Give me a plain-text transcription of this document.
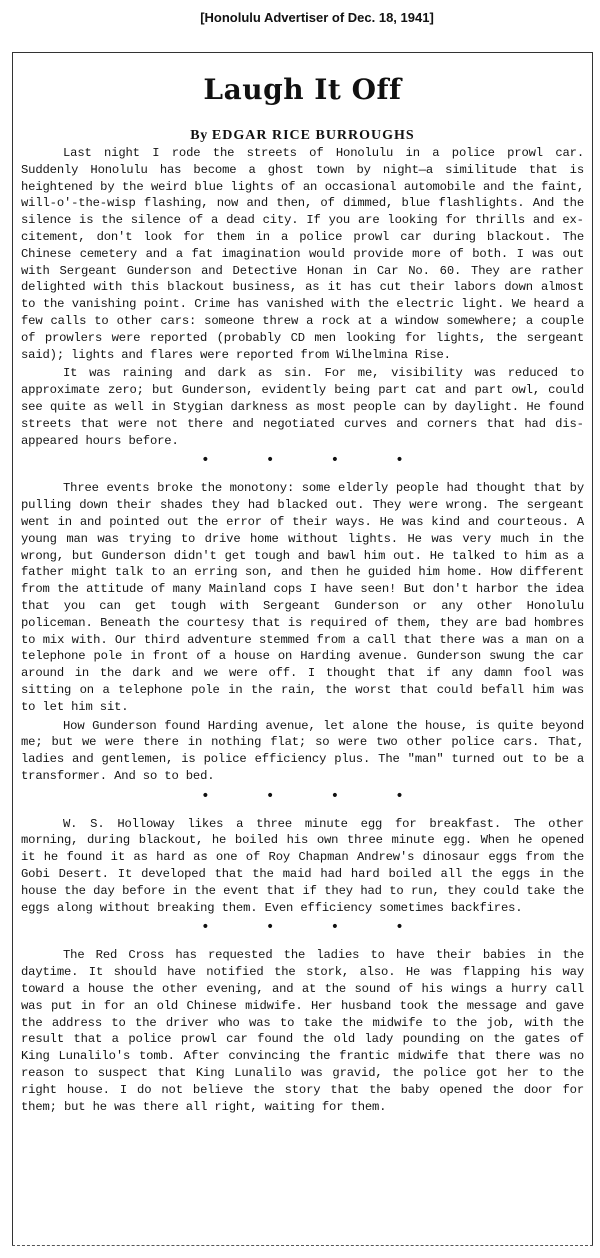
[Honolulu Advertiser of Dec. 18, 1941]
Laugh It Off
By EDGAR RICE BURROUGHS

Last night I rode the streets of Honolulu in a police prowl car. Suddenly Honolulu has become a ghost town by night—a similitude that is heightened by the weird blue lights of an occasional automobile and the faint, will-o'-the-wisp flashing, now and then, of dimmed, blue flashlights. And the silence is the silence of a dead city. If you are looking for thrills and excitement, don't look for them in a police prowl car during blackout. The Chinese cemetery and a fat imagination would provide more of both. I was out with Sergeant Gunderson and Detective Honan in Car No. 60. They are rather delighted with this blackout business, as it has cut their labors down almost to the vanishing point. Crime has vanished with the electric light. We heard a few calls to other cars: someone threw a rock at a window somewhere; a couple of prowlers were reported (probably CD men looking for lights, the sergeant said); lights and flares were reported from Wilhelmina Rise.

It was raining and dark as sin. For me, visibility was reduced to approximate zero; but Gunderson, evidently being part cat and part owl, could see quite as well in Stygian darkness as most people can by daylight. He found streets that were not there and negotiated curves and corners that had disappeared hours before.

• • • •

Three events broke the monotony: some elderly people had thought that by pulling down their shades they had blacked out. They were wrong. The sergeant went in and pointed out the error of their ways. He was kind and courteous. A young man was trying to drive home without lights. He was very much in the wrong, but Gunderson didn't get tough and bawl him out. He talked to him as a father might talk to an erring son, and then he guided him home. How different from the attitude of many Mainland cops I have seen! But don't harbor the idea that you can get tough with Sergeant Gunderson or any other Honolulu policeman. Beneath the courtesy that is required of them, they are bad hombres to mix with. Our third adventure stemmed from a call that there was a man on a telephone pole in front of a house on Harding avenue. Gunderson swung the car around in the dark and we were off. I thought that if any damn fool was sitting on a telephone pole in the rain, the worst that could befall him was to let him sit.

How Gunderson found Harding avenue, let alone the house, is quite beyond me; but we were there in nothing flat; so were two other police cars. That, ladies and gentlemen, is police efficiency plus. The "man" turned out to be a transformer. And so to bed.

• • • •

W. S. Holloway likes a three minute egg for breakfast. The other morning, during blackout, he boiled his own three minute egg. When he opened it he found it as hard as one of Roy Chapman Andrew's dinosaur eggs from the Gobi Desert. It developed that the maid had hard boiled all the eggs in the house the day before in the event that if they had to run, they could take the eggs along without breaking them. Even efficiency sometimes backfires.

• • • •

The Red Cross has requested the ladies to have their babies in the daytime. It should have notified the stork, also. He was flapping his way toward a house the other evening, and at the sound of his wings a hurry call was put in for an old Chinese midwife. Her husband took the message and gave the address to the driver who was to take the midwife to the job, with the result that a police prowl car found the old lady pounding on the gates of King Lunalilo's tomb. After convincing the frantic midwife that there was no reason to suspect that King Lunalilo was gravid, the police got her to the right house. I do not believe the story that the baby opened the door for them; but he was there all right, waiting for them.
